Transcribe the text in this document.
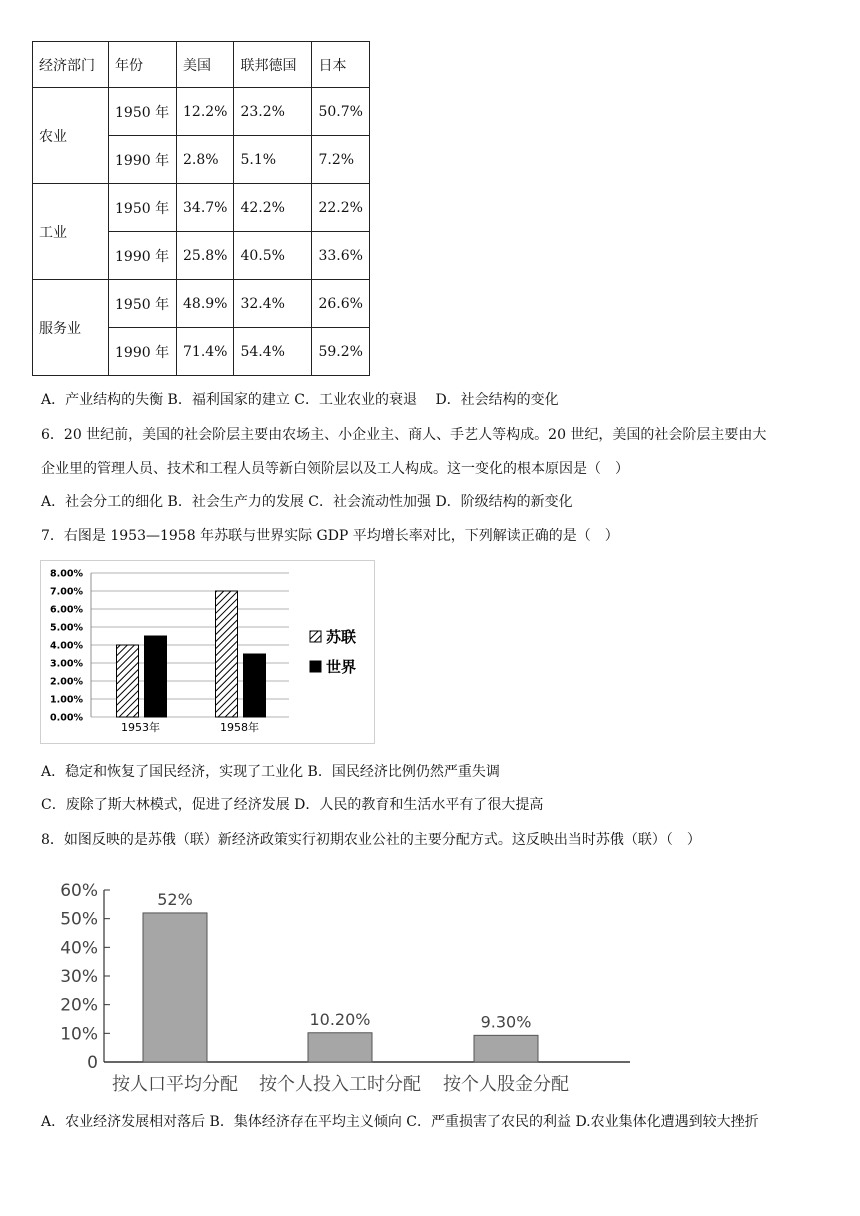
经济部门	年份	美国	联邦德国	日本
农业	1950 年	12.2%	23.2%	50.7%
	1990 年	2.8%	5.1%	7.2%
工业	1950 年	34.7%	42.2%	22.2%
	1990 年	25.8%	40.5%	33.6%
服务业	1950 年	48.9%	32.4%	26.6%
	1990 年	71.4%	54.4%	59.2%
A．产业结构的失衡 B．福利国家的建立 C．工业农业的衰退　 D．社会结构的变化
6．20 世纪前，美国的社会阶层主要由农场主、小企业主、商人、手艺人等构成。20 世纪，美国的社会阶层主要由大
企业里的管理人员、技术和工程人员等新白领阶层以及工人构成。这一变化的根本原因是（　）
A．社会分工的细化 B．社会生产力的发展 C．社会流动性加强 D．阶级结构的新变化
7．右图是 1953—1958 年苏联与世界实际 GDP 平均增长率对比，下列解读正确的是（　）
0.00%
1.00%
2.00%
3.00%
4.00%
5.00%
6.00%
7.00%
8.00%
1953年	1958年
苏联
世界
A．稳定和恢复了国民经济，实现了工业化 B．国民经济比例仍然严重失调
C．废除了斯大林模式，促进了经济发展 D．人民的教育和生活水平有了很大提高
8．如图反映的是苏俄（联）新经济政策实行初期农业公社的主要分配方式。这反映出当时苏俄（联）（　）
0
10%
20%
30%
40%
50%
60%	52%
10.20%	9.30%
按人口平均分配 按个人投入工时分配 按个人股金分配
A．农业经济发展相对落后 B．集体经济存在平均主义倾向 C．严重损害了农民的利益 D.农业集体化遭遇到较大挫折
